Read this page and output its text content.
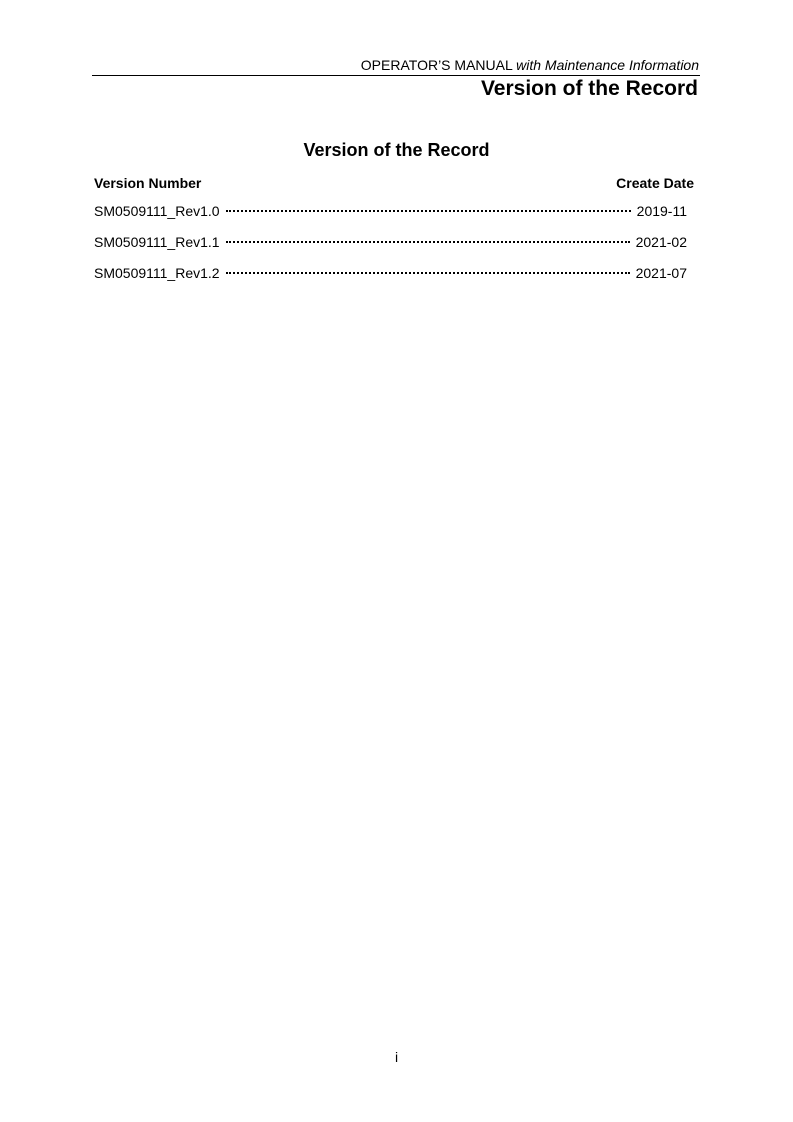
OPERATOR’S MANUAL with Maintenance Information
Version of the Record
Version of the Record
Version Number	Create Date
SM0509111_Rev1.0	2019-11
SM0509111_Rev1.1	2021-02
SM0509111_Rev1.2	2021-07
i
